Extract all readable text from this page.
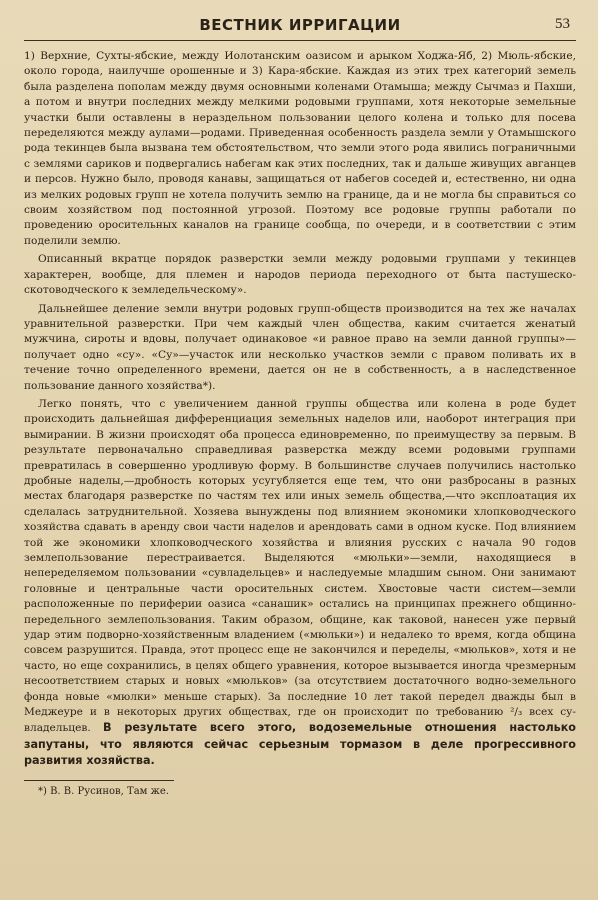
ВЕСТНИК ИРРИГАЦИИ	53

1) Верхние, Сухты-ябские, между Иолотанским оазисом и арыком Ходжа-Яб, 2) Мюль-ябские, около города, наилучше орошенные и 3) Кара-ябские. Каждая из этих трех категорий земель была разделена пополам между двумя основными коленами Отамыша; между Сычмаз и Пахши, а потом и внутри последних между мелкими родовыми группами, хотя некоторые земельные участки были оставлены в нераздельном пользовании целого колена и только для посева переделяются между аулами—родами. Приведенная особенность раздела земли у Отамышского рода текинцев была вызвана тем обстоятельством, что земли этого рода явились пограничными с землями сариков и подвергались набегам как этих последних, так и дальше живущих авганцев и персов. Нужно было, проводя канавы, защищаться от набегов соседей и, естественно, ни одна из мелких родовых групп не хотела получить землю на границе, да и не могла бы справиться со своим хозяйством под постоянной угрозой. Поэтому все родовые группы работали по проведению оросительных каналов на границе сообща, по очереди, и в соответствии с этим поделили землю.

Описанный вкратце порядок разверстки земли между родовыми группами у текинцев характерен, вообще, для племен и народов периода переходного от быта пастушеско-скотоводческого к земледельческому».

Дальнейшее деление земли внутри родовых групп-обществ производится на тех же началах уравнительной разверстки. При чем каждый член общества, каким считается женатый мужчина, сироты и вдовы, получает одинаковое «и равное право на земли данной группы»—получает одно «су». «Су»—участок или несколько участков земли с правом поливать их в течение точно определенного времени, дается он не в собственность, а в наследственное пользование данного хозяйства*).

Легко понять, что с увеличением данной группы общества или колена в роде будет происходить дальнейшая дифференциация земельных наделов или, наоборот интеграция при вымирании. В жизни происходят оба процесса единовременно, по преимуществу за первым. В результате первоначально справедливая разверстка между всеми родовыми группами превратилась в совершенно уродливую форму. В большинстве случаев получились настолько дробные наделы,—дробность которых усугубляется еще тем, что они разбросаны в разных местах благодаря разверстке по частям тех или иных земель общества,—что эксплоатация их сделалась затруднительной. Хозяева вынуждены под влиянием экономики хлопководческого хозяйства сдавать в аренду свои части наделов и арендовать сами в одном куске. Под влиянием той же экономики хлопководческого хозяйства и влияния русских с начала 90 годов землепользование перестраивается. Выделяются «мюльки»—земли, находящиеся в непеределяемом пользовании «сувладельцев» и наследуемые младшим сыном. Они занимают головные и центральные части оросительных систем. Хвостовые части систем—земли расположенные по периферии оазиса «санашик» остались на принципах прежнего общинно-передельного землепользования. Таким образом, общине, как таковой, нанесен уже первый удар этим подворно-хозяйственным владением («мюльки») и недалеко то время, когда община совсем разрушится. Правда, этот процесс еще не закончился и переделы, «мюльков», хотя и не часто, но еще сохранились, в целях общего уравнения, которое вызывается иногда чрезмерным несоответствием старых и новых «мюльков» (за отсутствием достаточного водно-земельного фонда новые «мюлки» меньше старых). За последние 10 лет такой передел дважды был в Меджеуре и в некоторых других обществах, где он происходит по требованию ²/₃ всех су-владельцев. В результате всего этого, водоземельные отношения настолько запутаны, что являются сейчас серьезным тормазом в деле прогрессивного развития хозяйства.

*) В. В. Русинов, Там же.
